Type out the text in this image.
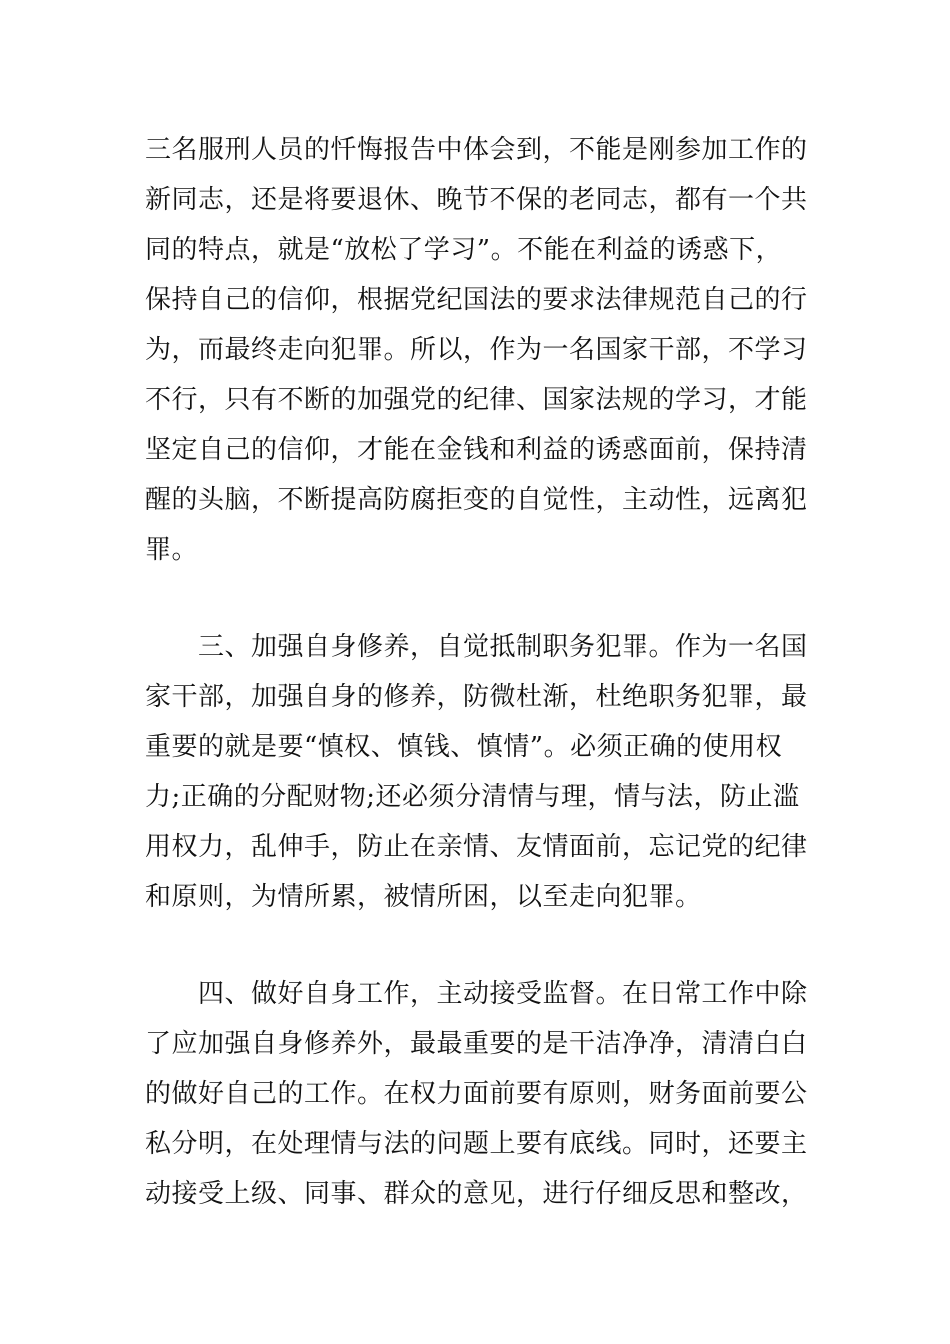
三名服刑人员的忏悔报告中体会到，不能是刚参加工作的
新同志，还是将要退休、晚节不保的老同志，都有一个共
同的特点，就是“放松了学习”。不能在利益的诱惑下，
保持自己的信仰，根据党纪国法的要求法律规范自己的行
为，而最终走向犯罪。所以，作为一名国家干部，不学习
不行，只有不断的加强党的纪律、国家法规的学习，才能
坚定自己的信仰，才能在金钱和利益的诱惑面前，保持清
醒的头脑，不断提高防腐拒变的自觉性，主动性，远离犯
罪。
三、加强自身修养，自觉抵制职务犯罪。作为一名国
家干部，加强自身的修养，防微杜渐，杜绝职务犯罪，最
重要的就是要“慎权、慎钱、慎情”。必须正确的使用权
力;正确的分配财物;还必须分清情与理，情与法，防止滥
用权力，乱伸手，防止在亲情、友情面前，忘记党的纪律
和原则，为情所累，被情所困，以至走向犯罪。
四、做好自身工作，主动接受监督。在日常工作中除
了应加强自身修养外，最最重要的是干洁净净，清清白白
的做好自己的工作。在权力面前要有原则，财务面前要公
私分明，在处理情与法的问题上要有底线。同时，还要主
动接受上级、同事、群众的意见，进行仔细反思和整改，
